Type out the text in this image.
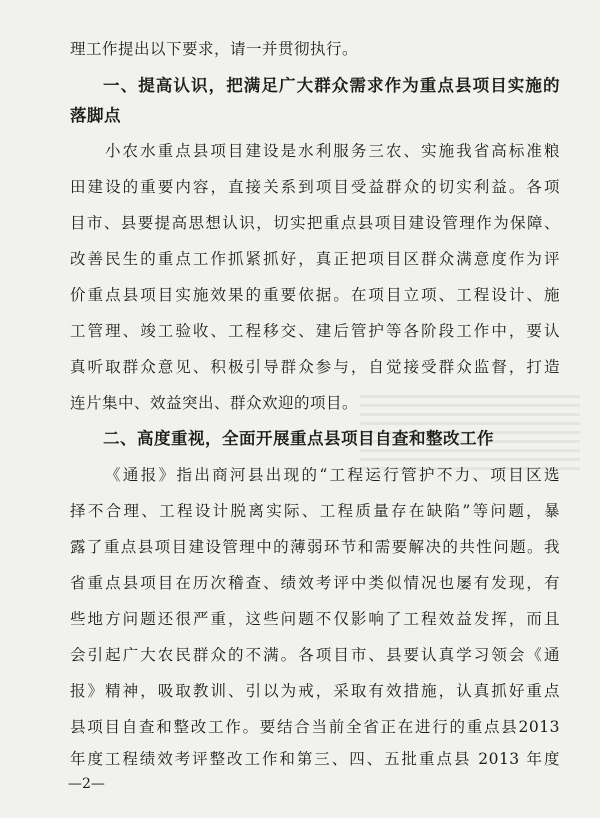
理工作提出以下要求，请一并贯彻执行。
一、提高认识，把满足广大群众需求作为重点县项目实施的
落脚点
小农水重点县项目建设是水利服务三农、实施我省高标准粮
田建设的重要内容，直接关系到项目受益群众的切实利益。各项
目市、县要提高思想认识，切实把重点县项目建设管理作为保障、
改善民生的重点工作抓紧抓好，真正把项目区群众满意度作为评
价重点县项目实施效果的重要依据。在项目立项、工程设计、施
工管理、竣工验收、工程移交、建后管护等各阶段工作中，要认
真听取群众意见、积极引导群众参与，自觉接受群众监督，打造
连片集中、效益突出、群众欢迎的项目。
二、高度重视，全面开展重点县项目自查和整改工作
《通报》指出商河县出现的“工程运行管护不力、项目区选
择不合理、工程设计脱离实际、工程质量存在缺陷”等问题，暴
露了重点县项目建设管理中的薄弱环节和需要解决的共性问题。我
省重点县项目在历次稽查、绩效考评中类似情况也屡有发现，有
些地方问题还很严重，这些问题不仅影响了工程效益发挥，而且
会引起广大农民群众的不满。各项目市、县要认真学习领会《通
报》精神，吸取教训、引以为戒，采取有效措施，认真抓好重点
县项目自查和整改工作。要结合当前全省正在进行的重点县2013
年度工程绩效考评整改工作和第三、四、五批重点县 2013 年度
—2—
